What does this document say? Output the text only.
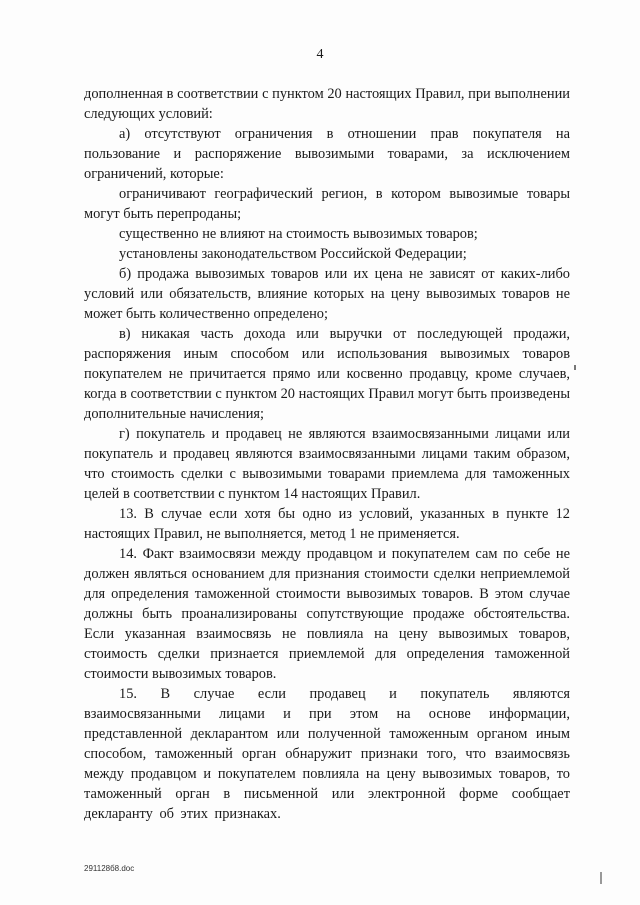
4

дополненная в соответствии с пунктом 20 настоящих Правил, при выполнении следующих условий:

а) отсутствуют ограничения в отношении прав покупателя на пользование и распоряжение вывозимыми товарами, за исключением ограничений, которые:

ограничивают географический регион, в котором вывозимые товары могут быть перепроданы;

существенно не влияют на стоимость вывозимых товаров;

установлены законодательством Российской Федерации;

б) продажа вывозимых товаров или их цена не зависят от каких-либо условий или обязательств, влияние которых на цену вывозимых товаров не может быть количественно определено;

в) никакая часть дохода или выручки от последующей продажи, распоряжения иным способом или использования вывозимых товаров покупателем не причитается прямо или косвенно продавцу, кроме случаев, когда в соответствии с пунктом 20 настоящих Правил могут быть произведены дополнительные начисления;

г) покупатель и продавец не являются взаимосвязанными лицами или покупатель и продавец являются взаимосвязанными лицами таким образом, что стоимость сделки с вывозимыми товарами приемлема для таможенных целей в соответствии с пунктом 14 настоящих Правил.

13. В случае если хотя бы одно из условий, указанных в пункте 12 настоящих Правил, не выполняется, метод 1 не применяется.

14. Факт взаимосвязи между продавцом и покупателем сам по себе не должен являться основанием для признания стоимости сделки неприемлемой для определения таможенной стоимости вывозимых товаров. В этом случае должны быть проанализированы сопутствующие продаже обстоятельства. Если указанная взаимосвязь не повлияла на цену вывозимых товаров, стоимость сделки признается приемлемой для определения таможенной стоимости вывозимых товаров.

15. В случае если продавец и покупатель являются взаимосвязанными лицами и при этом на основе информации, представленной декларантом или полученной таможенным органом иным способом, таможенный орган обнаружит признаки того, что взаимосвязь между продавцом и покупателем повлияла на цену вывозимых товаров, то таможенный орган в письменной или электронной форме сообщает декларанту об этих признаках.

291128б8.doc
